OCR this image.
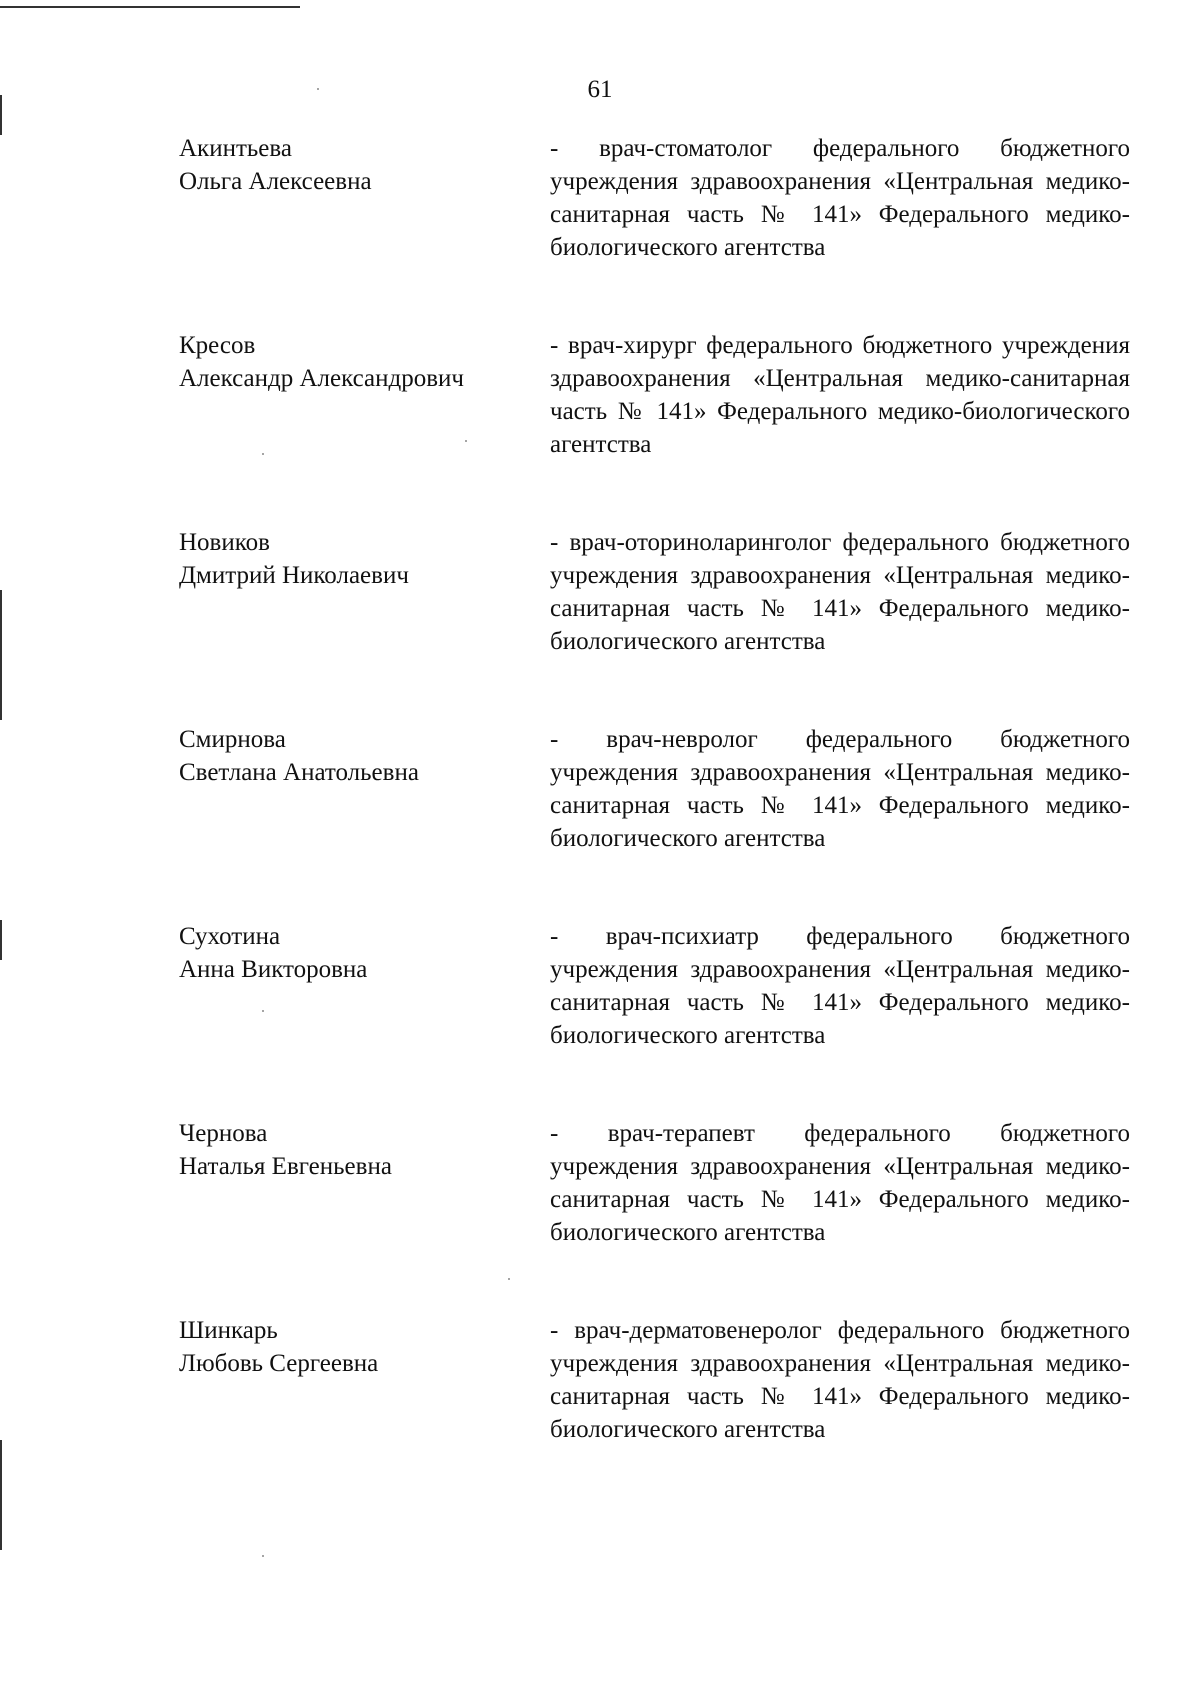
61
Акинтьева
Ольга Алексеевна
- врач-стоматолог федерального бюджетного учреждения здравоохранения «Центральная медико-санитарная часть № 141» Федерального медико-биологического агентства
Кресов
Александр Александрович
- врач-хирург федерального бюджетного учреждения здравоохранения «Центральная медико-санитарная часть № 141» Федерального медико-биологического агентства
Новиков
Дмитрий Николаевич
- врач-оториноларинголог федерального бюджетного учреждения здравоохранения «Центральная медико-санитарная часть № 141» Федерального медико-биологического агентства
Смирнова
Светлана Анатольевна
- врач-невролог федерального бюджетного учреждения здравоохранения «Центральная медико-санитарная часть № 141» Федерального медико-биологического агентства
Сухотина
Анна Викторовна
- врач-психиатр федерального бюджетного учреждения здравоохранения «Центральная медико-санитарная часть № 141» Федерального медико-биологического агентства
Чернова
Наталья Евгеньевна
- врач-терапевт федерального бюджетного учреждения здравоохранения «Центральная медико-санитарная часть № 141» Федерального медико-биологического агентства
Шинкарь
Любовь Сергеевна
- врач-дерматовенеролог федерального бюджетного учреждения здравоохранения «Центральная медико-санитарная часть № 141» Федерального медико-биологического агентства
